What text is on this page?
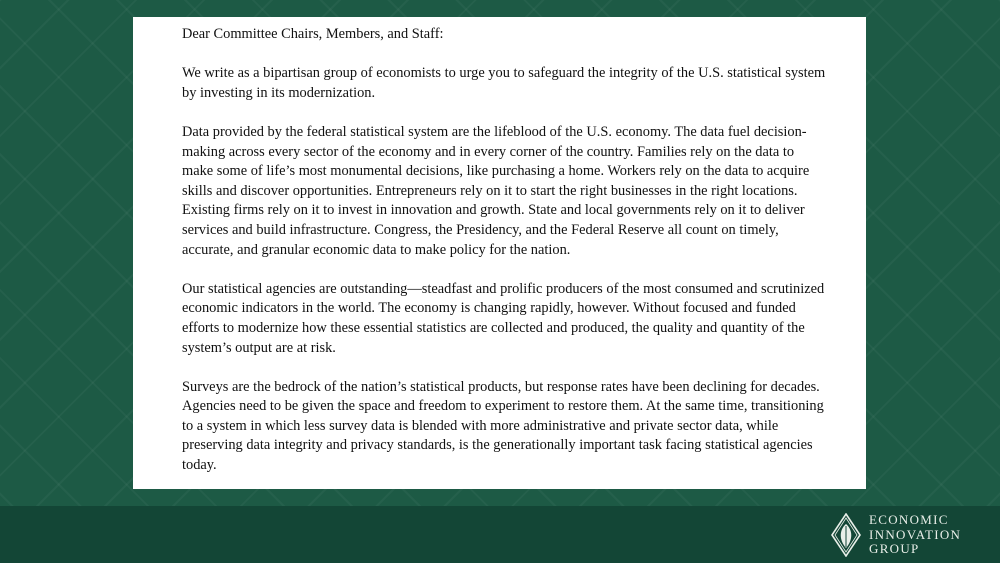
Dear Committee Chairs, Members, and Staff:

We write as a bipartisan group of economists to urge you to safeguard the integrity of the U.S. statistical system by investing in its modernization.

Data provided by the federal statistical system are the lifeblood of the U.S. economy. The data fuel decision-making across every sector of the economy and in every corner of the country. Families rely on the data to make some of life’s most monumental decisions, like purchasing a home. Workers rely on the data to acquire skills and discover opportunities. Entrepreneurs rely on it to start the right businesses in the right locations. Existing firms rely on it to invest in innovation and growth. State and local governments rely on it to deliver services and build infrastructure. Congress, the Presidency, and the Federal Reserve all count on timely, accurate, and granular economic data to make policy for the nation.

Our statistical agencies are outstanding—steadfast and prolific producers of the most consumed and scrutinized economic indicators in the world. The economy is changing rapidly, however. Without focused and funded efforts to modernize how these essential statistics are collected and produced, the quality and quantity of the system’s output are at risk.

Surveys are the bedrock of the nation’s statistical products, but response rates have been declining for decades. Agencies need to be given the space and freedom to experiment to restore them. At the same time, transitioning to a system in which less survey data is blended with more administrative and private sector data, while preserving data integrity and privacy standards, is the generationally important task facing statistical agencies today.

ECONOMIC
INNOVATION
GROUP
